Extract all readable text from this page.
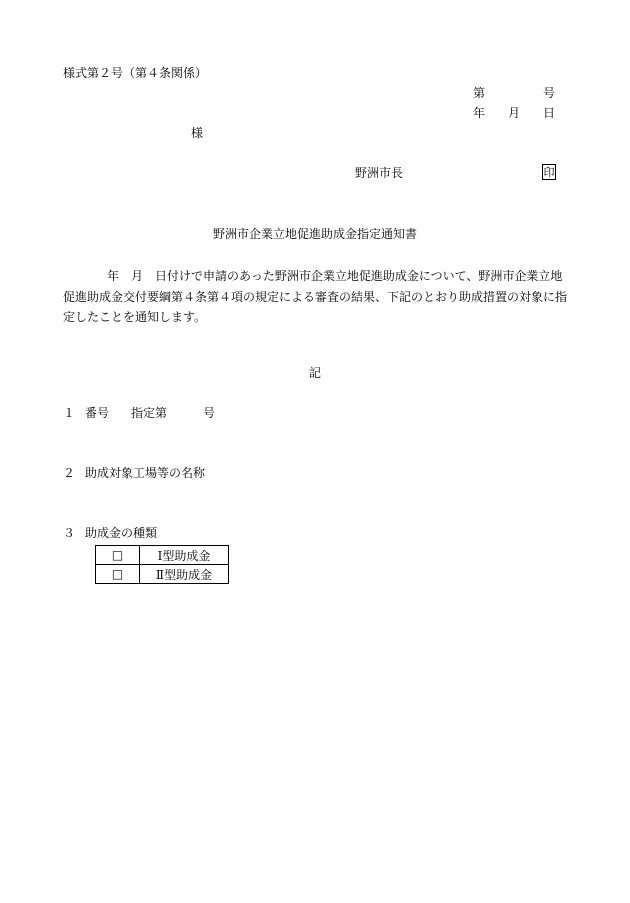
様式第２号（第４条関係）
第	号
年 月 日
様
野洲市長	印
野洲市企業立地促進助成金指定通知書
年　月　日付けで申請のあった野洲市企業立地促進助成金について、野洲市企業立地促進助成金交付要綱第４条第４項の規定による審査の結果、下記のとおり助成措置の対象に指定したことを通知します。
記
１ 番号 指定第	号
２ 助成対象工場等の名称
３ 助成金の種類
□	Ⅰ型助成金
□	Ⅱ型助成金
